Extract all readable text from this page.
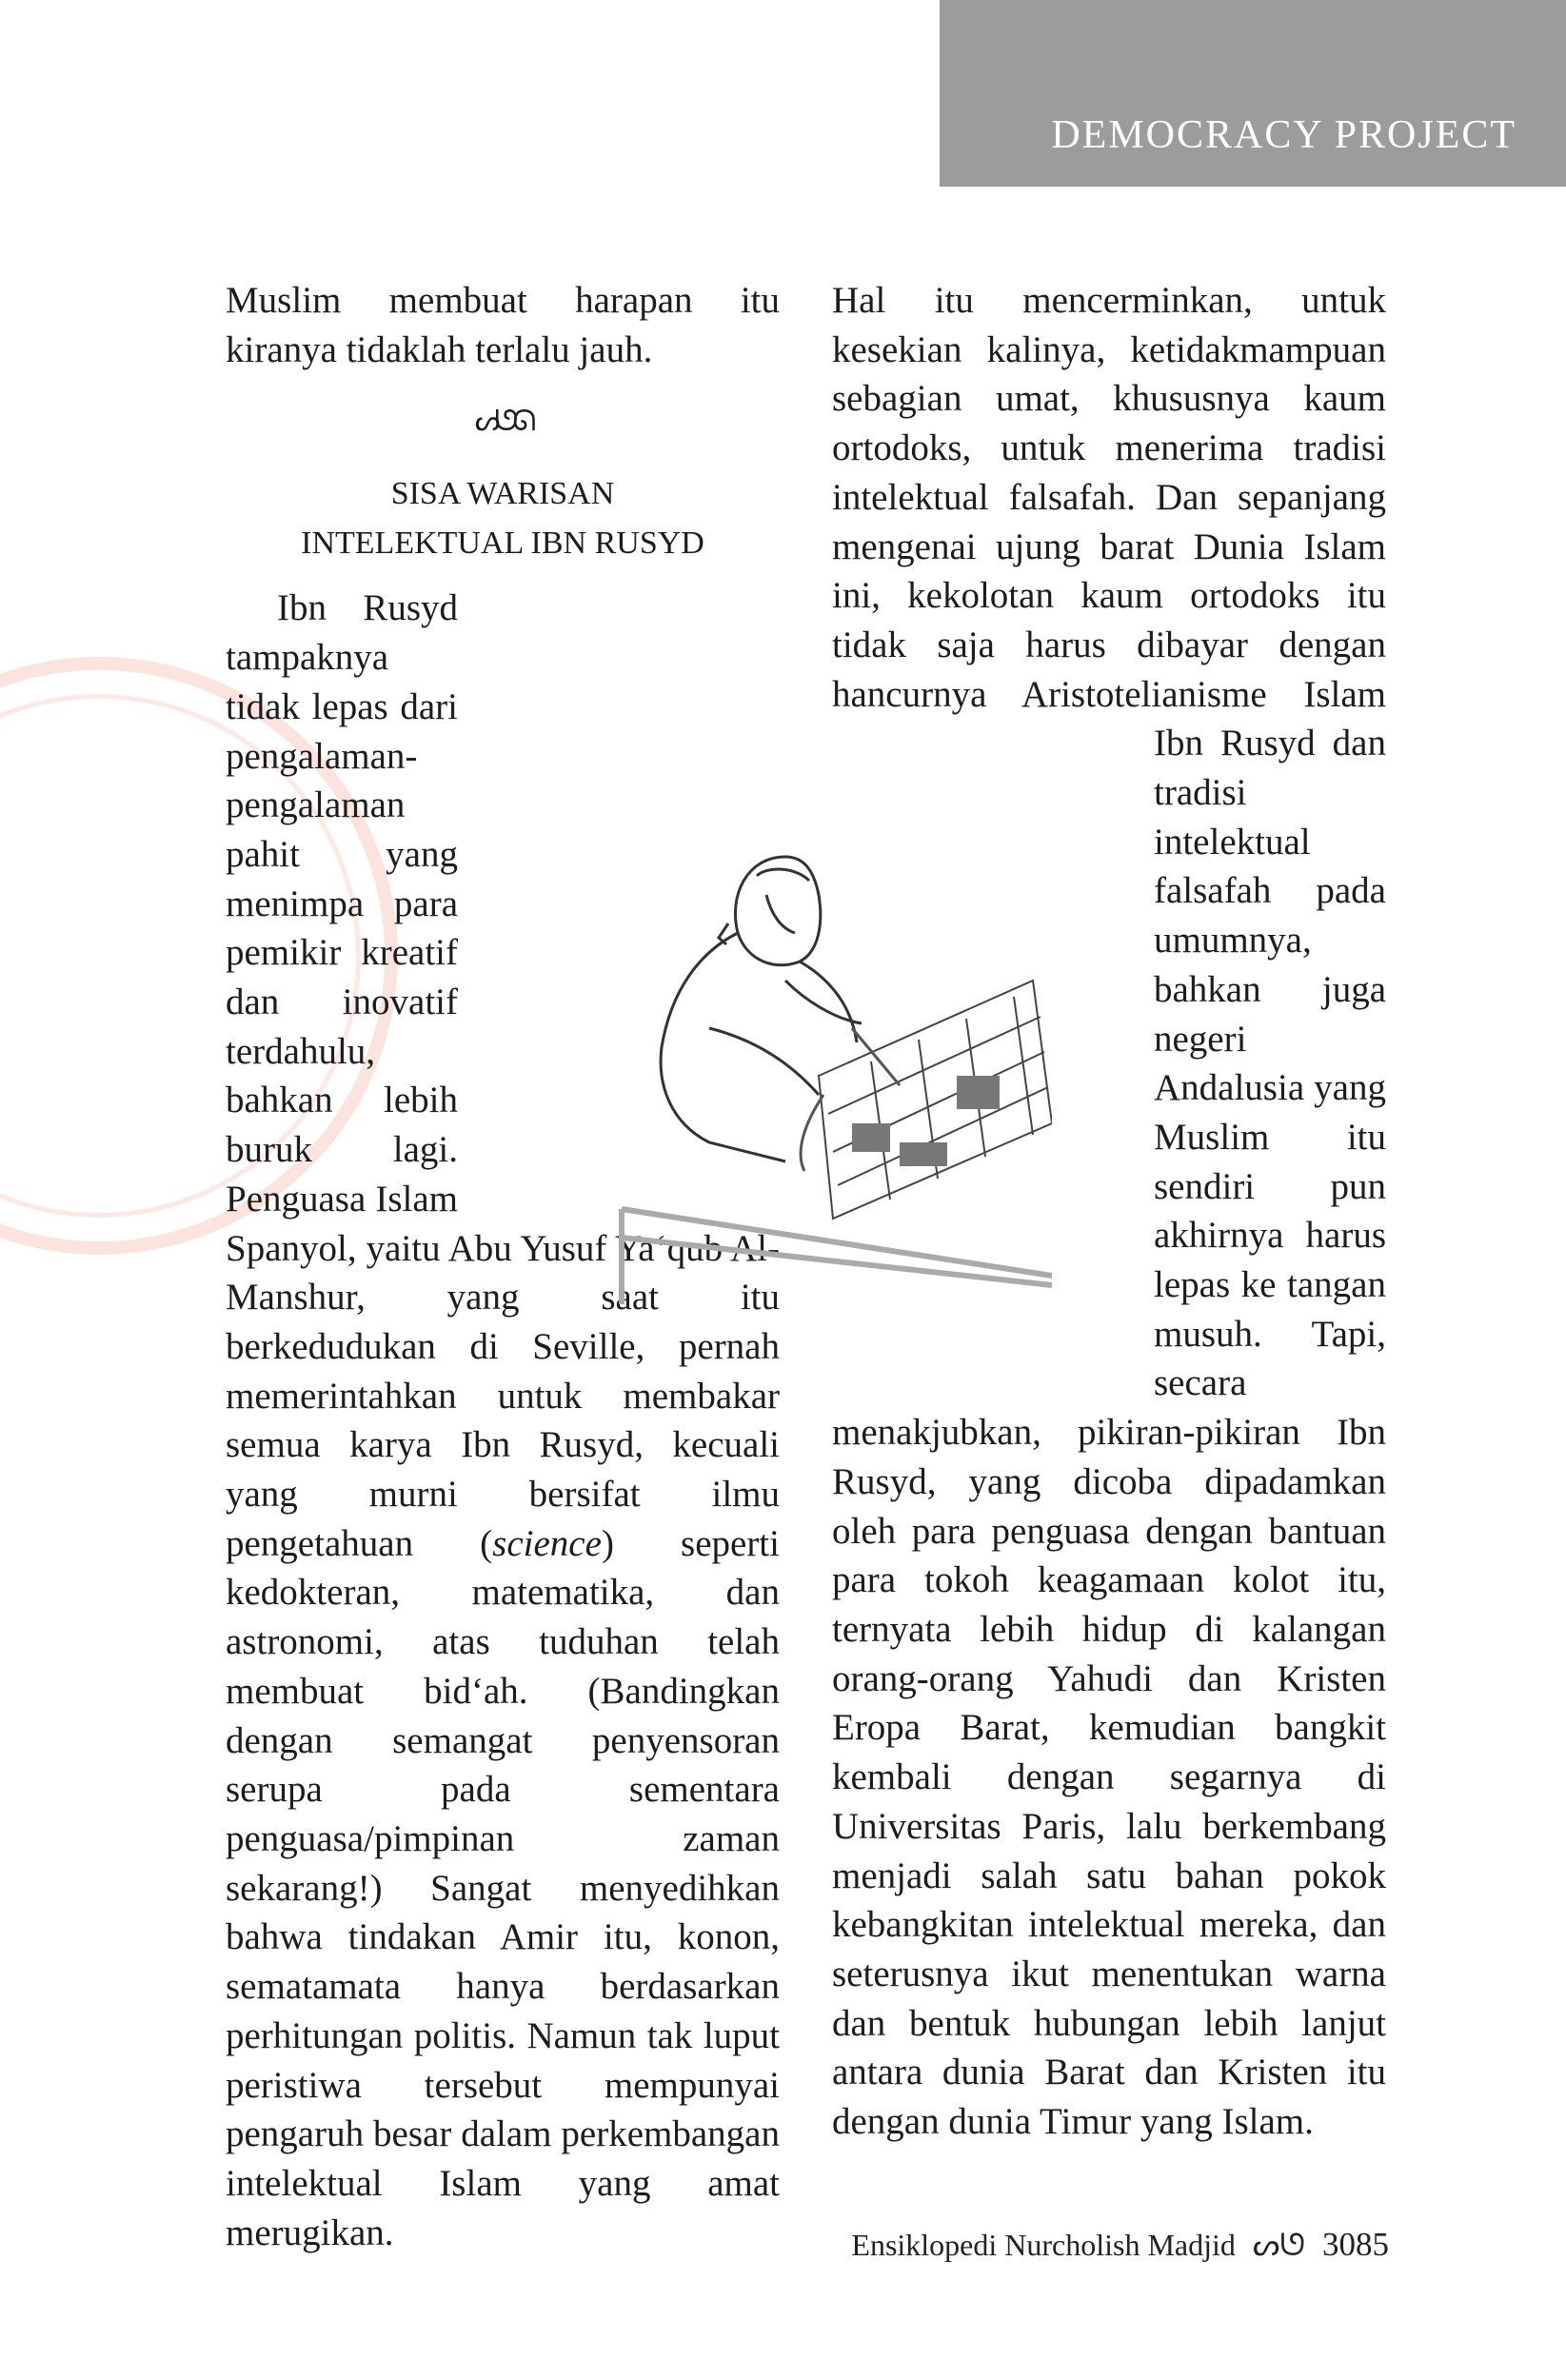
DEMOCRACY PROJECT

Muslim membuat harapan itu kiranya tidaklah terlalu jauh.

ᔕᘎᘏ
SISA WARISAN
INTELEKTUAL IBN RUSYD

Ibn Rusyd tampaknya tidak lepas dari pengalaman-pengalaman pahit yang menimpa para pemikir kreatif dan inovatif terdahulu, bahkan lebih buruk lagi. Penguasa Islam Spanyol, yaitu Abu Yusuf Ya‘qub Al-Manshur, yang saat itu berkedudukan di Seville, pernah memerintahkan untuk membakar semua karya Ibn Rusyd, kecuali yang murni bersifat ilmu pengetahuan (science) seperti kedokteran, matematika, dan astronomi, atas tuduhan telah membuat bid‘ah. (Bandingkan dengan semangat penyensoran serupa pada sementara penguasa/pimpinan zaman sekarang!) Sangat menyedihkan bahwa tindakan Amir itu, konon, sematamata hanya berdasarkan perhitungan politis. Namun tak luput peristiwa tersebut mempunyai pengaruh besar dalam perkembangan intelektual Islam yang amat merugikan.

Hal itu mencerminkan, untuk kesekian kalinya, ketidakmampuan sebagian umat, khususnya kaum ortodoks, untuk menerima tradisi intelektual falsafah. Dan sepanjang mengenai ujung barat Dunia Islam ini, kekolotan kaum ortodoks itu tidak saja harus dibayar dengan hancurnya Aristotelianisme Islam Ibn Rusyd dan tradisi intelektual falsafah pada umumnya, bahkan juga negeri Andalusia yang Muslim itu sendiri pun akhirnya harus lepas ke tangan musuh. Tapi, secara menakjubkan, pikiran-pikiran Ibn Rusyd, yang dicoba dipadamkan oleh para penguasa dengan bantuan para tokoh keagamaan kolot itu, ternyata lebih hidup di kalangan orang-orang Yahudi dan Kristen Eropa Barat, kemudian bangkit kembali dengan segarnya di Universitas Paris, lalu berkembang menjadi salah satu bahan pokok kebangkitan intelektual mereka, dan seterusnya ikut menentukan warna dan bentuk hubungan lebih lanjut antara dunia Barat dan Kristen itu dengan dunia Timur yang Islam.

Ensiklopedi Nurcholish Madjid ᔕᘎ 3085
